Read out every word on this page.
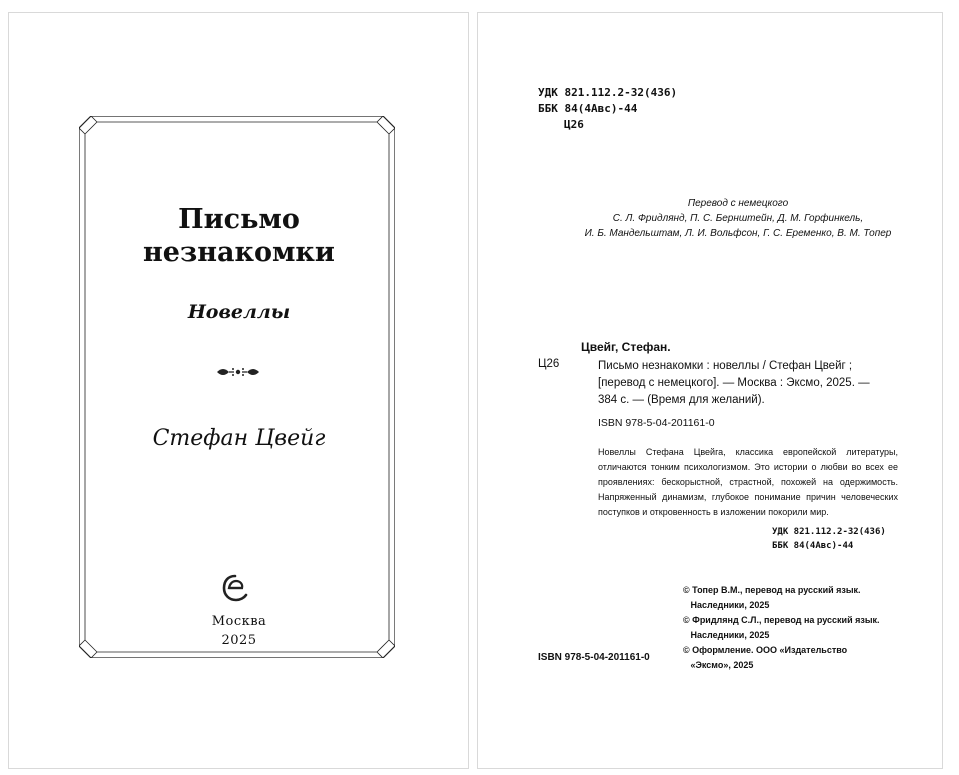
Письмо
незнакомки
Новеллы
Стефан Цвейг
Москва
2025
УДК 821.112.2-32(436)
ББК 84(4Авс)-44
Ц26
Перевод с немецкого
С. Л. Фридлянд, П. С. Бернштейн, Д. М. Горфинкель,
И. Б. Мандельштам, Л. И. Вольфсон, Г. С. Еременко, В. М. Топер
Цвейг, Стефан.
Ц26	Письмо незнакомки : новеллы / Стефан Цвейг ;
[перевод с немецкого]. — Москва : Эксмо, 2025. —
384 с. — (Время для желаний).
ISBN 978-5-04-201161-0
Новеллы Стефана Цвейга, классика европейской литературы, отличаются тонким психологизмом. Это истории о любви во всех ее проявлениях: бескорыстной, страстной, похожей на одержимость. Напряженный динамизм, глубокое понимание причин человеческих поступков и откровенность в изложении покорили мир.
УДК 821.112.2-32(436)
ББК 84(4Авс)-44
© Топер В.М., перевод на русский язык.
Наследники, 2025
© Фридлянд С.Л., перевод на русский язык.
Наследники, 2025
© Оформление. ООО «Издательство
«Эксмо», 2025
ISBN 978-5-04-201161-0
